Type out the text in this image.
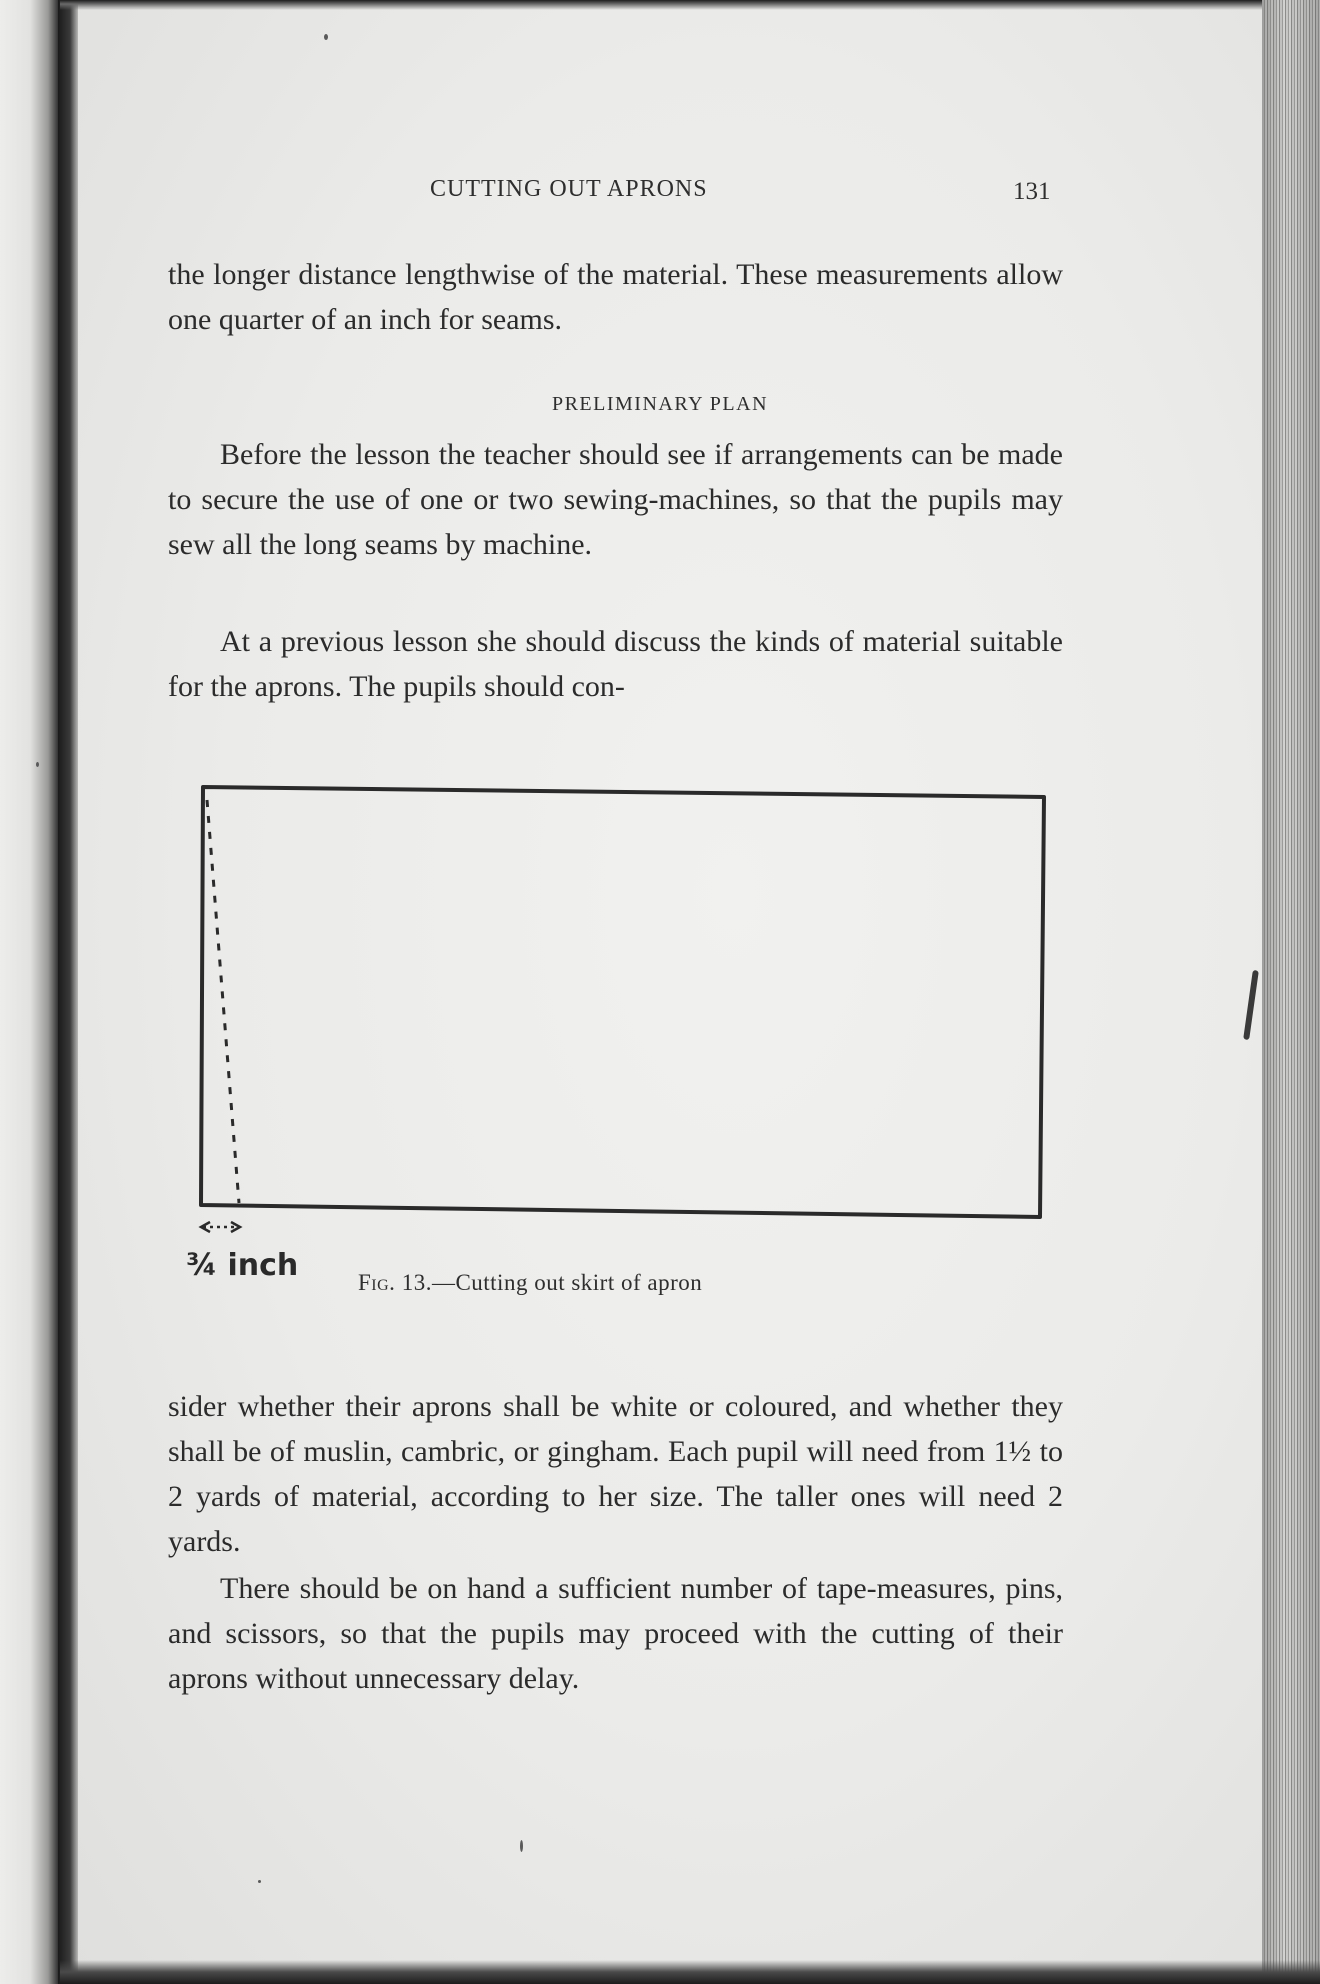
CUTTING OUT APRONS	131
the longer distance lengthwise of the material. These measurements allow one quarter of an inch for seams.
PRELIMINARY PLAN
Before the lesson the teacher should see if arrangements can be made to secure the use of one or two sewing-machines, so that the pupils may sew all the long seams by machine.
At a previous lesson she should discuss the kinds of material suitable for the aprons. The pupils should con-
¾ inch	Fig. 13.—Cutting out skirt of apron
sider whether their aprons shall be white or coloured, and whether they shall be of muslin, cambric, or gingham. Each pupil will need from 1½ to 2 yards of material, according to her size. The taller ones will need 2 yards.
There should be on hand a sufficient number of tape-measures, pins, and scissors, so that the pupils may proceed with the cutting of their aprons without unnecessary delay.
